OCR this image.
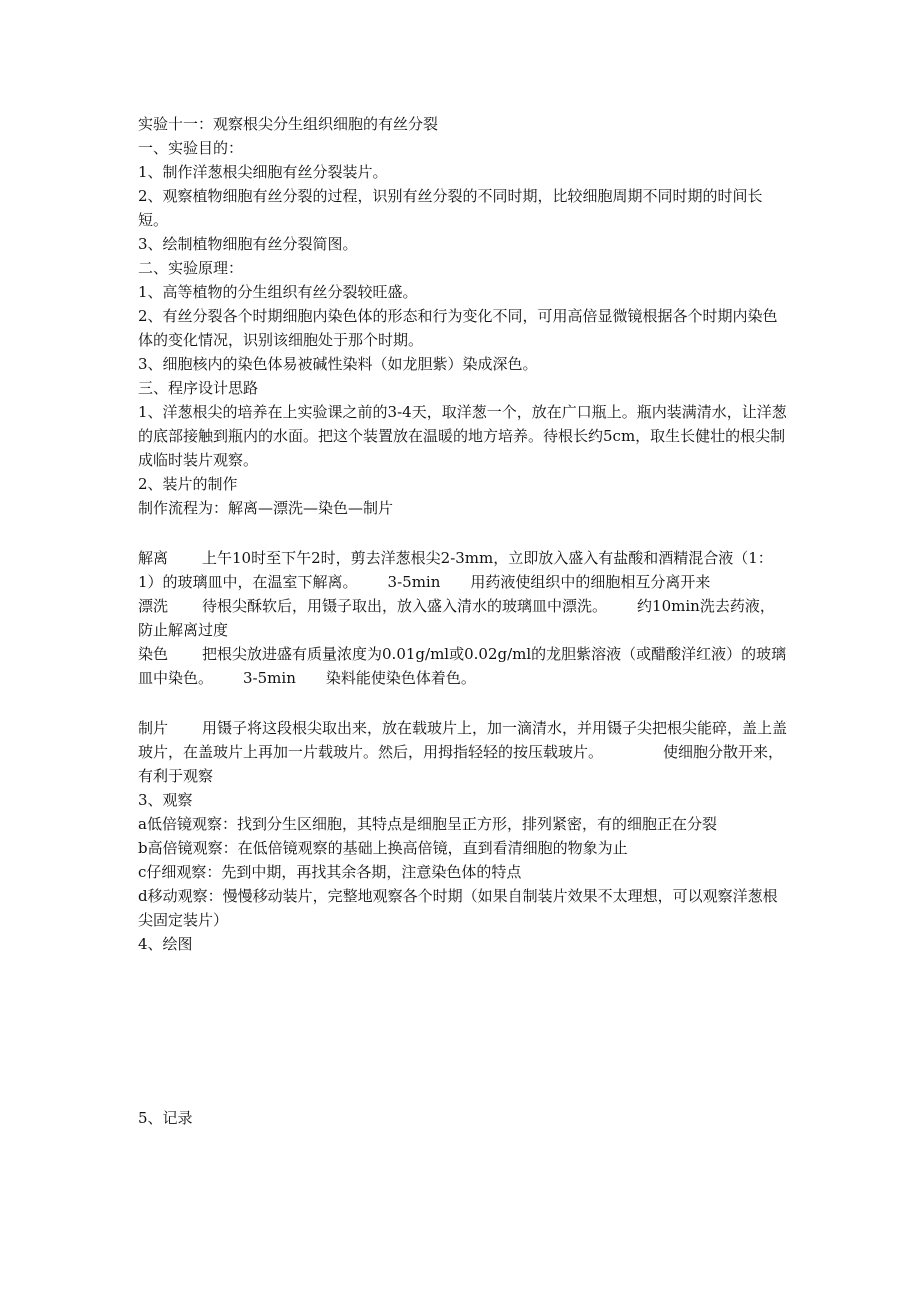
实验十一：观察根尖分生组织细胞的有丝分裂
一、实验目的：
1、制作洋葱根尖细胞有丝分裂装片。
2、观察植物细胞有丝分裂的过程，识别有丝分裂的不同时期，比较细胞周期不同时期的时间长短。
3、绘制植物细胞有丝分裂简图。
二、实验原理：
1、高等植物的分生组织有丝分裂较旺盛。
2、有丝分裂各个时期细胞内染色体的形态和行为变化不同，可用高倍显微镜根据各个时期内染色体的变化情况，识别该细胞处于那个时期。
3、细胞核内的染色体易被碱性染料（如龙胆紫）染成深色。
三、程序设计思路
1、洋葱根尖的培养在上实验课之前的3-4天，取洋葱一个，放在广口瓶上。瓶内装满清水，让洋葱的底部接触到瓶内的水面。把这个装置放在温暖的地方培养。待根长约5cm，取生长健壮的根尖制成临时装片观察。
2、装片的制作
制作流程为：解离—漂洗—染色—制片
解离 上午10时至下午2时，剪去洋葱根尖2-3mm，立即放入盛入有盐酸和酒精混合液（1：1）的玻璃皿中，在温室下解离。 3-5min 用药液使组织中的细胞相互分离开来
漂洗 待根尖酥软后，用镊子取出，放入盛入清水的玻璃皿中漂洗。 约10min洗去药液，防止解离过度
染色 把根尖放进盛有质量浓度为0.01g/ml或0.02g/ml的龙胆紫溶液（或醋酸洋红液）的玻璃皿中染色。 3-5min 染料能使染色体着色。
制片 用镊子将这段根尖取出来，放在载玻片上，加一滴清水，并用镊子尖把根尖能碎，盖上盖玻片，在盖玻片上再加一片载玻片。然后，用拇指轻轻的按压载玻片。	使细胞分散开来，有利于观察
3、观察
a低倍镜观察：找到分生区细胞，其特点是细胞呈正方形，排列紧密，有的细胞正在分裂
b高倍镜观察：在低倍镜观察的基础上换高倍镜，直到看清细胞的物象为止
c仔细观察：先到中期，再找其余各期，注意染色体的特点
d移动观察：慢慢移动装片，完整地观察各个时期（如果自制装片效果不太理想，可以观察洋葱根尖固定装片）
4、绘图
5、记录
